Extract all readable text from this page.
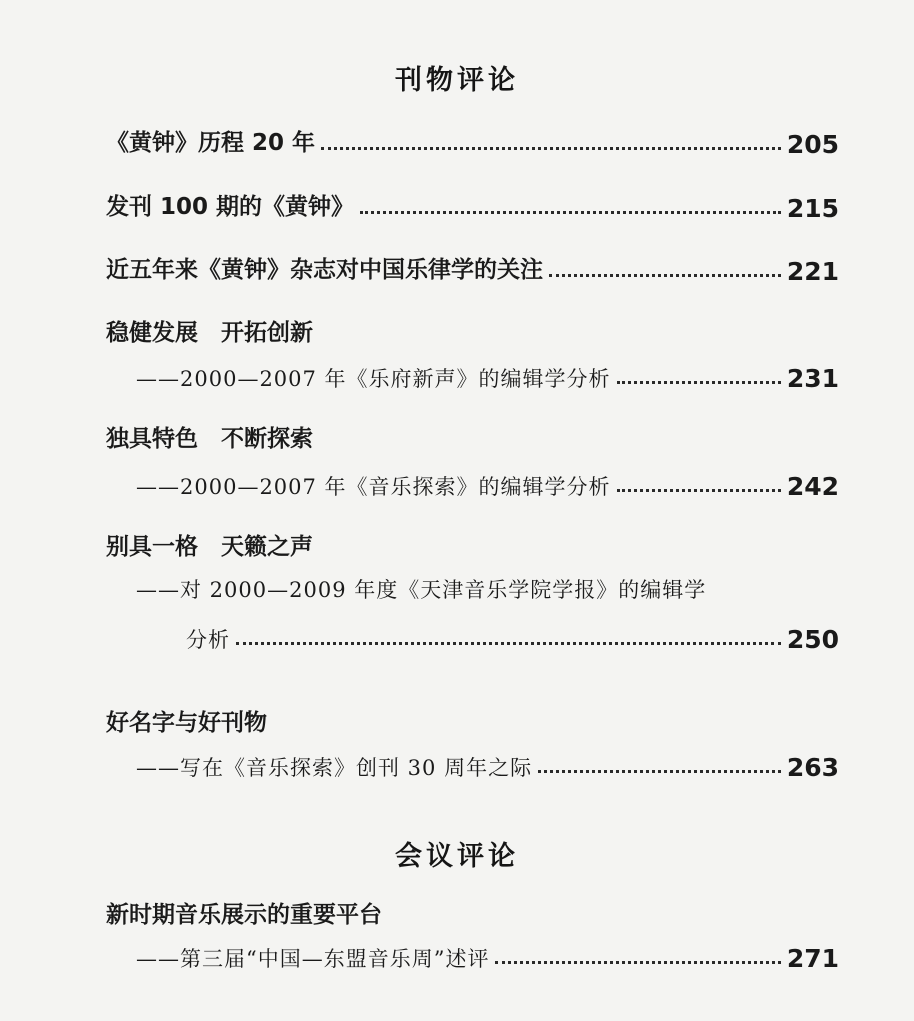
刊物评论
《黄钟》历程 20 年	205
发刊 100 期的《黄钟》	215
近五年来《黄钟》杂志对中国乐律学的关注	221
稳健发展　开拓创新
——2000—2007 年《乐府新声》的编辑学分析	231
独具特色　不断探索
——2000—2007 年《音乐探索》的编辑学分析	242
别具一格　天籁之声
——对 2000—2009 年度《天津音乐学院学报》的编辑学
分析	250
好名字与好刊物
——写在《音乐探索》创刊 30 周年之际	263
会议评论
新时期音乐展示的重要平台
——第三届“中国—东盟音乐周”述评	271
